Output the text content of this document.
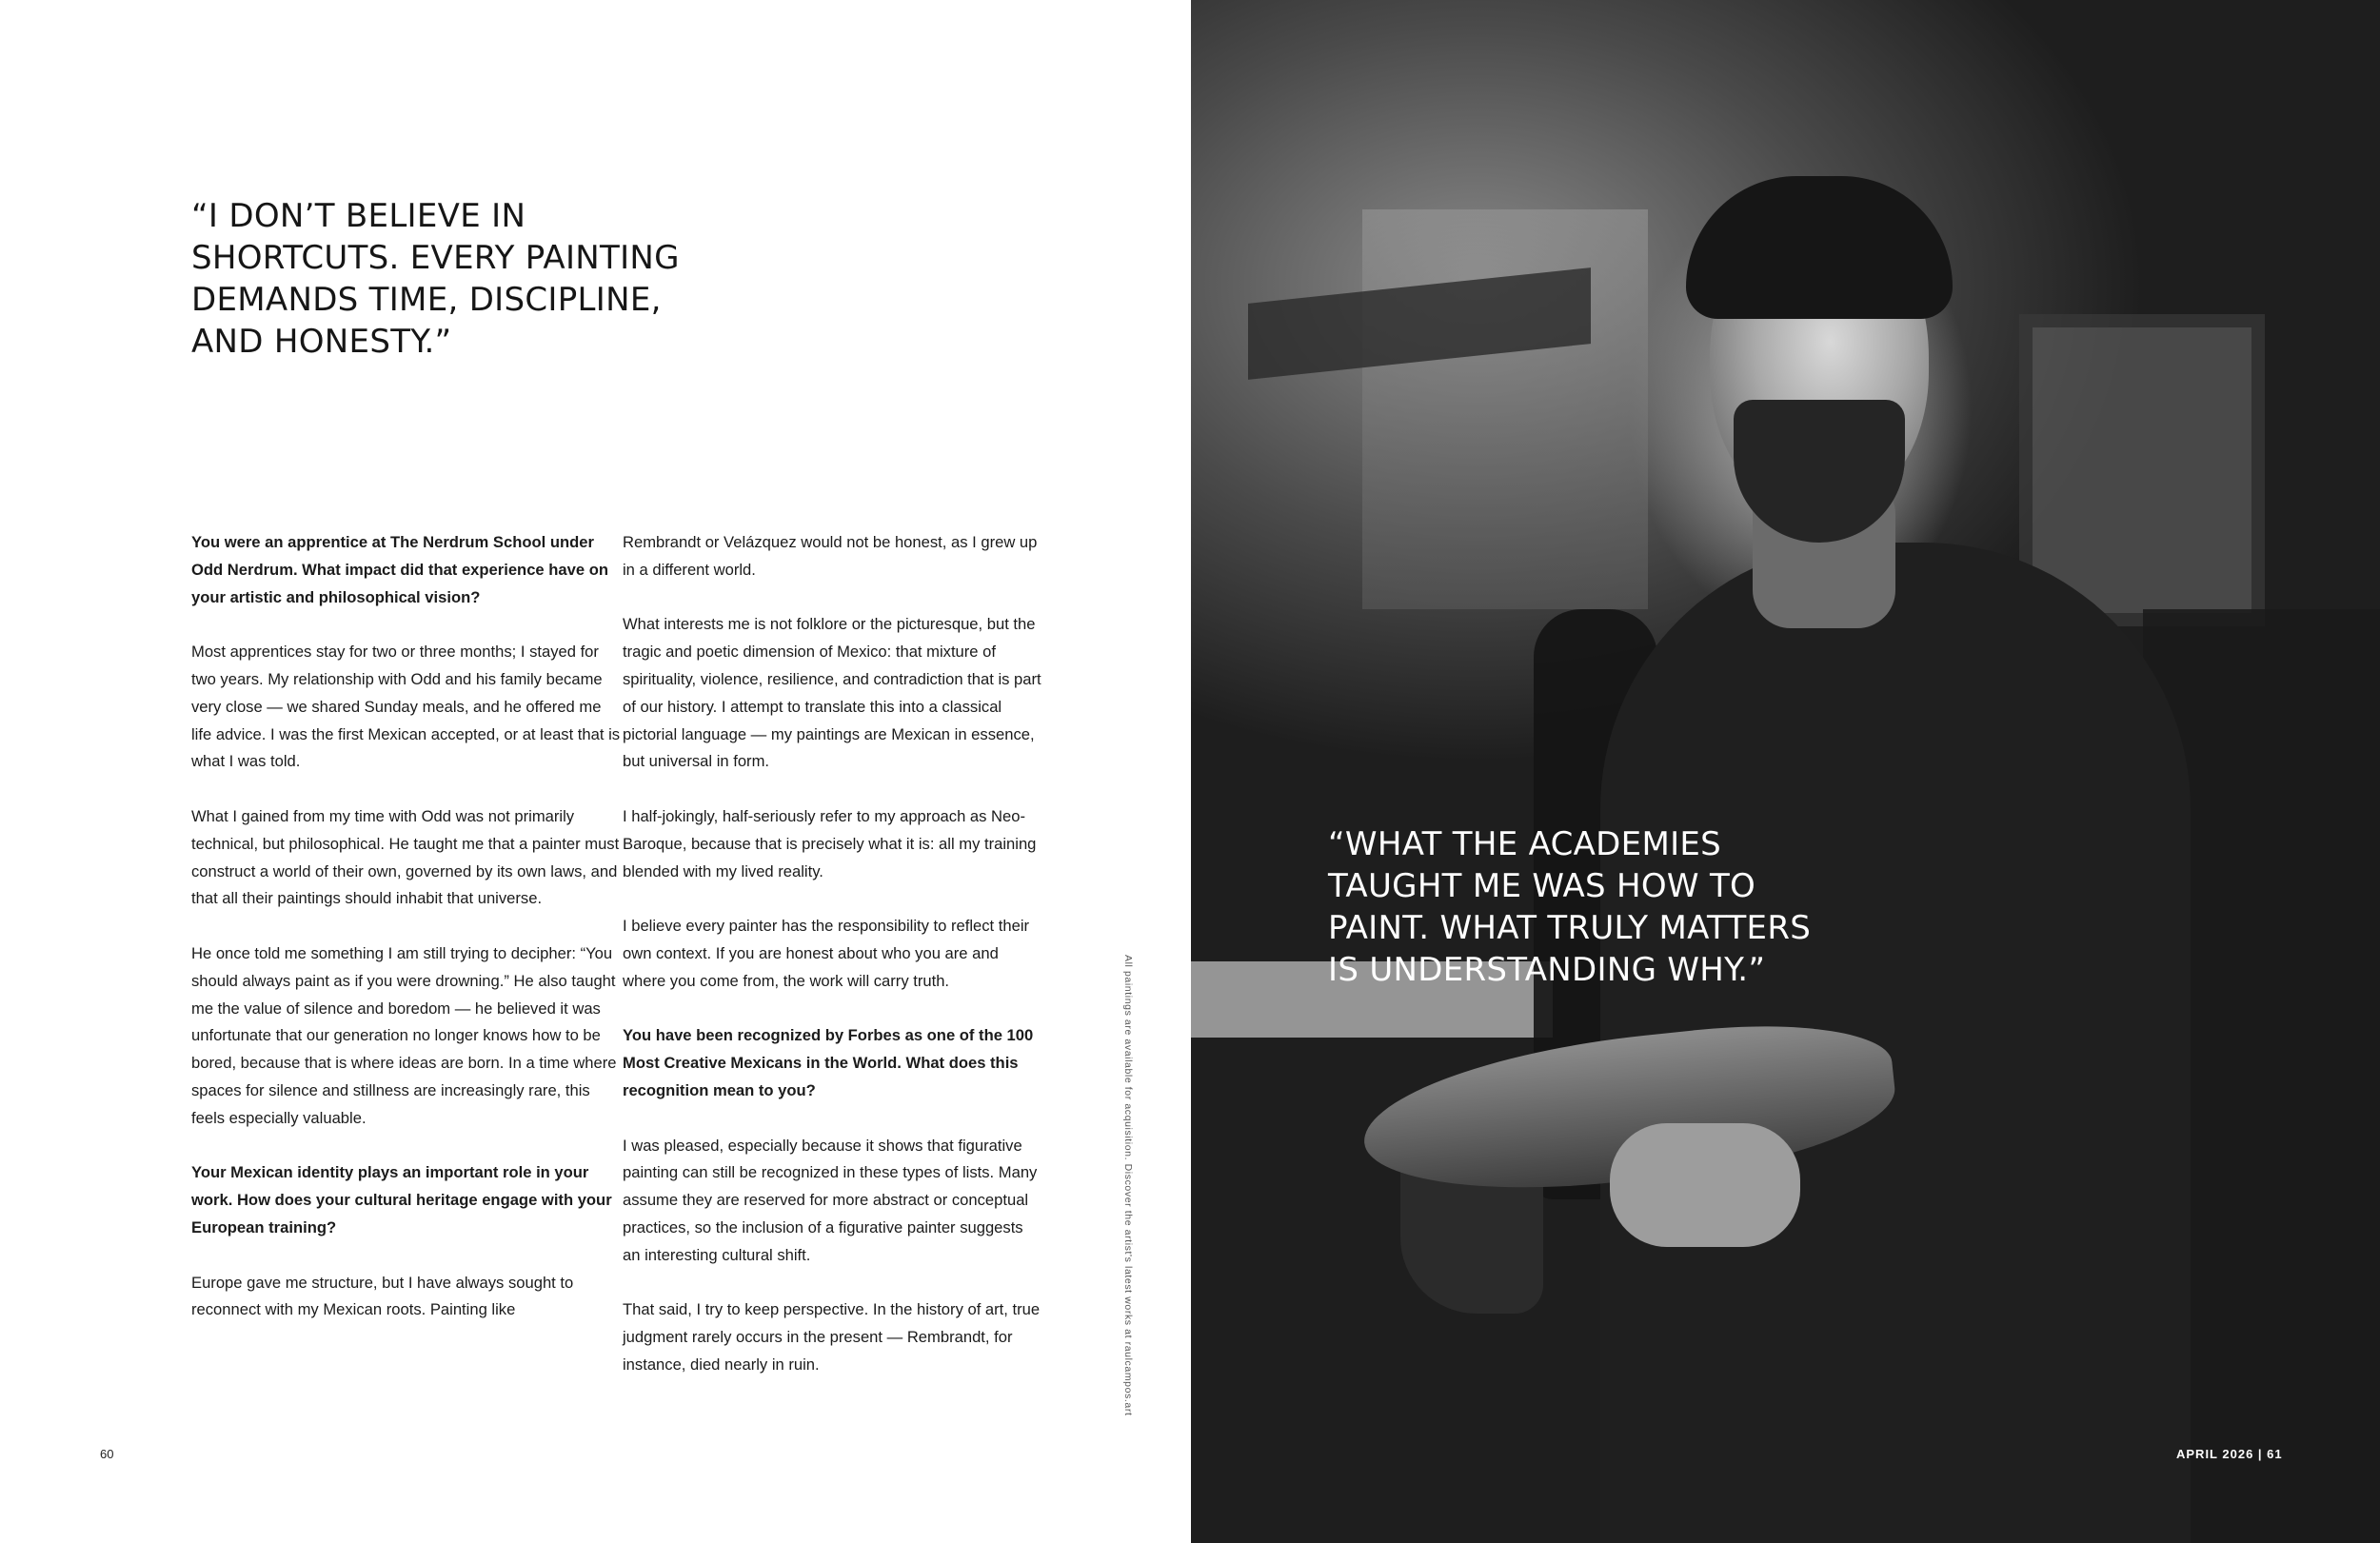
“I DON’T BELIEVE IN SHORTCUTS. EVERY PAINTING DEMANDS TIME, DISCIPLINE, AND HONESTY.”

You were an apprentice at The Nerdrum School under Odd Nerdrum. What impact did that experience have on your artistic and philosophical vision?

Most apprentices stay for two or three months; I stayed for two years. My relationship with Odd and his family became very close — we shared Sunday meals, and he offered me life advice. I was the first Mexican accepted, or at least that is what I was told.

What I gained from my time with Odd was not primarily technical, but philosophical. He taught me that a painter must construct a world of their own, governed by its own laws, and that all their paintings should inhabit that universe.

He once told me something I am still trying to decipher: “You should always paint as if you were drowning.” He also taught me the value of silence and boredom — he believed it was unfortunate that our generation no longer knows how to be bored, because that is where ideas are born. In a time where spaces for silence and stillness are increasingly rare, this feels especially valuable.

Your Mexican identity plays an important role in your work. How does your cultural heritage engage with your European training?

Europe gave me structure, but I have always sought to reconnect with my Mexican roots. Painting like

Rembrandt or Velázquez would not be honest, as I grew up in a different world.

What interests me is not folklore or the picturesque, but the tragic and poetic dimension of Mexico: that mixture of spirituality, violence, resilience, and contradiction that is part of our history. I attempt to translate this into a classical pictorial language — my paintings are Mexican in essence, but universal in form.

I half-jokingly, half-seriously refer to my approach as Neo-Baroque, because that is precisely what it is: all my training blended with my lived reality.

I believe every painter has the responsibility to reflect their own context. If you are honest about who you are and where you come from, the work will carry truth.

You have been recognized by Forbes as one of the 100 Most Creative Mexicans in the World. What does this recognition mean to you?

I was pleased, especially because it shows that figurative painting can still be recognized in these types of lists. Many assume they are reserved for more abstract or conceptual practices, so the inclusion of a figurative painter suggests an interesting cultural shift.

That said, I try to keep perspective. In the history of art, true judgment rarely occurs in the present — Rembrandt, for instance, died nearly in ruin.	All paintings are available for acquisition. Discover the artist's latest works at raulcampos.art
60
“WHAT THE ACADEMIES TAUGHT ME WAS HOW TO PAINT. WHAT TRULY MATTERS IS UNDERSTANDING WHY.”
APRIL 2026 | 61
